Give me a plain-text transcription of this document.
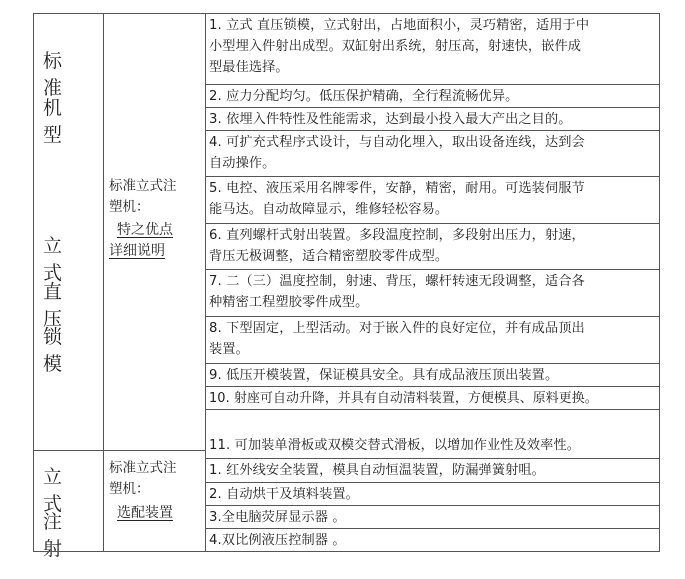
标准
机型
立式
直压
锁模
立式
注射
标准立式注
塑机：
特之优点
详细说明
标准立式注
塑机：
选配装置
1. 立式 直压锁模，立式射出，占地面积小，灵巧精密，适用于中
小型埋入件射出成型。双缸射出系统，射压高，射速快，嵌件成
型最佳选择。
2. 应力分配均匀。低压保护精确，全行程流畅优异。
3. 依埋入件特性及性能需求，达到最小投入最大产出之目的。
4. 可扩充式程序式设计，与自动化埋入，取出设备连线，达到会
自动操作。
5. 电控、液压采用名牌零件，安静，精密，耐用。可选装伺服节
能马达。自动故障显示，维修轻松容易。
6. 直列螺杆式射出装置。多段温度控制，多段射出压力，射速，
背压无极调整，适合精密塑胶零件成型。
7. 二（三）温度控制，射速、背压，螺杆转速无段调整，适合各
种精密工程塑胶零件成型。
8. 下型固定，上型活动。对于嵌入件的良好定位，并有成品顶出
装置。
9. 低压开模装置，保证模具安全。具有成品液压顶出装置。
10. 射座可自动升降，并具有自动清料装置，方便模具、原料更换。
11. 可加装单滑板或双模交替式滑板，以增加作业性及效率性。
1. 红外线安全装置，模具自动恒温装置，防漏弹簧射咀。
2. 自动烘干及填料装置。
3.全电脑荧屏显示器 。
4.双比例液压控制器 。
